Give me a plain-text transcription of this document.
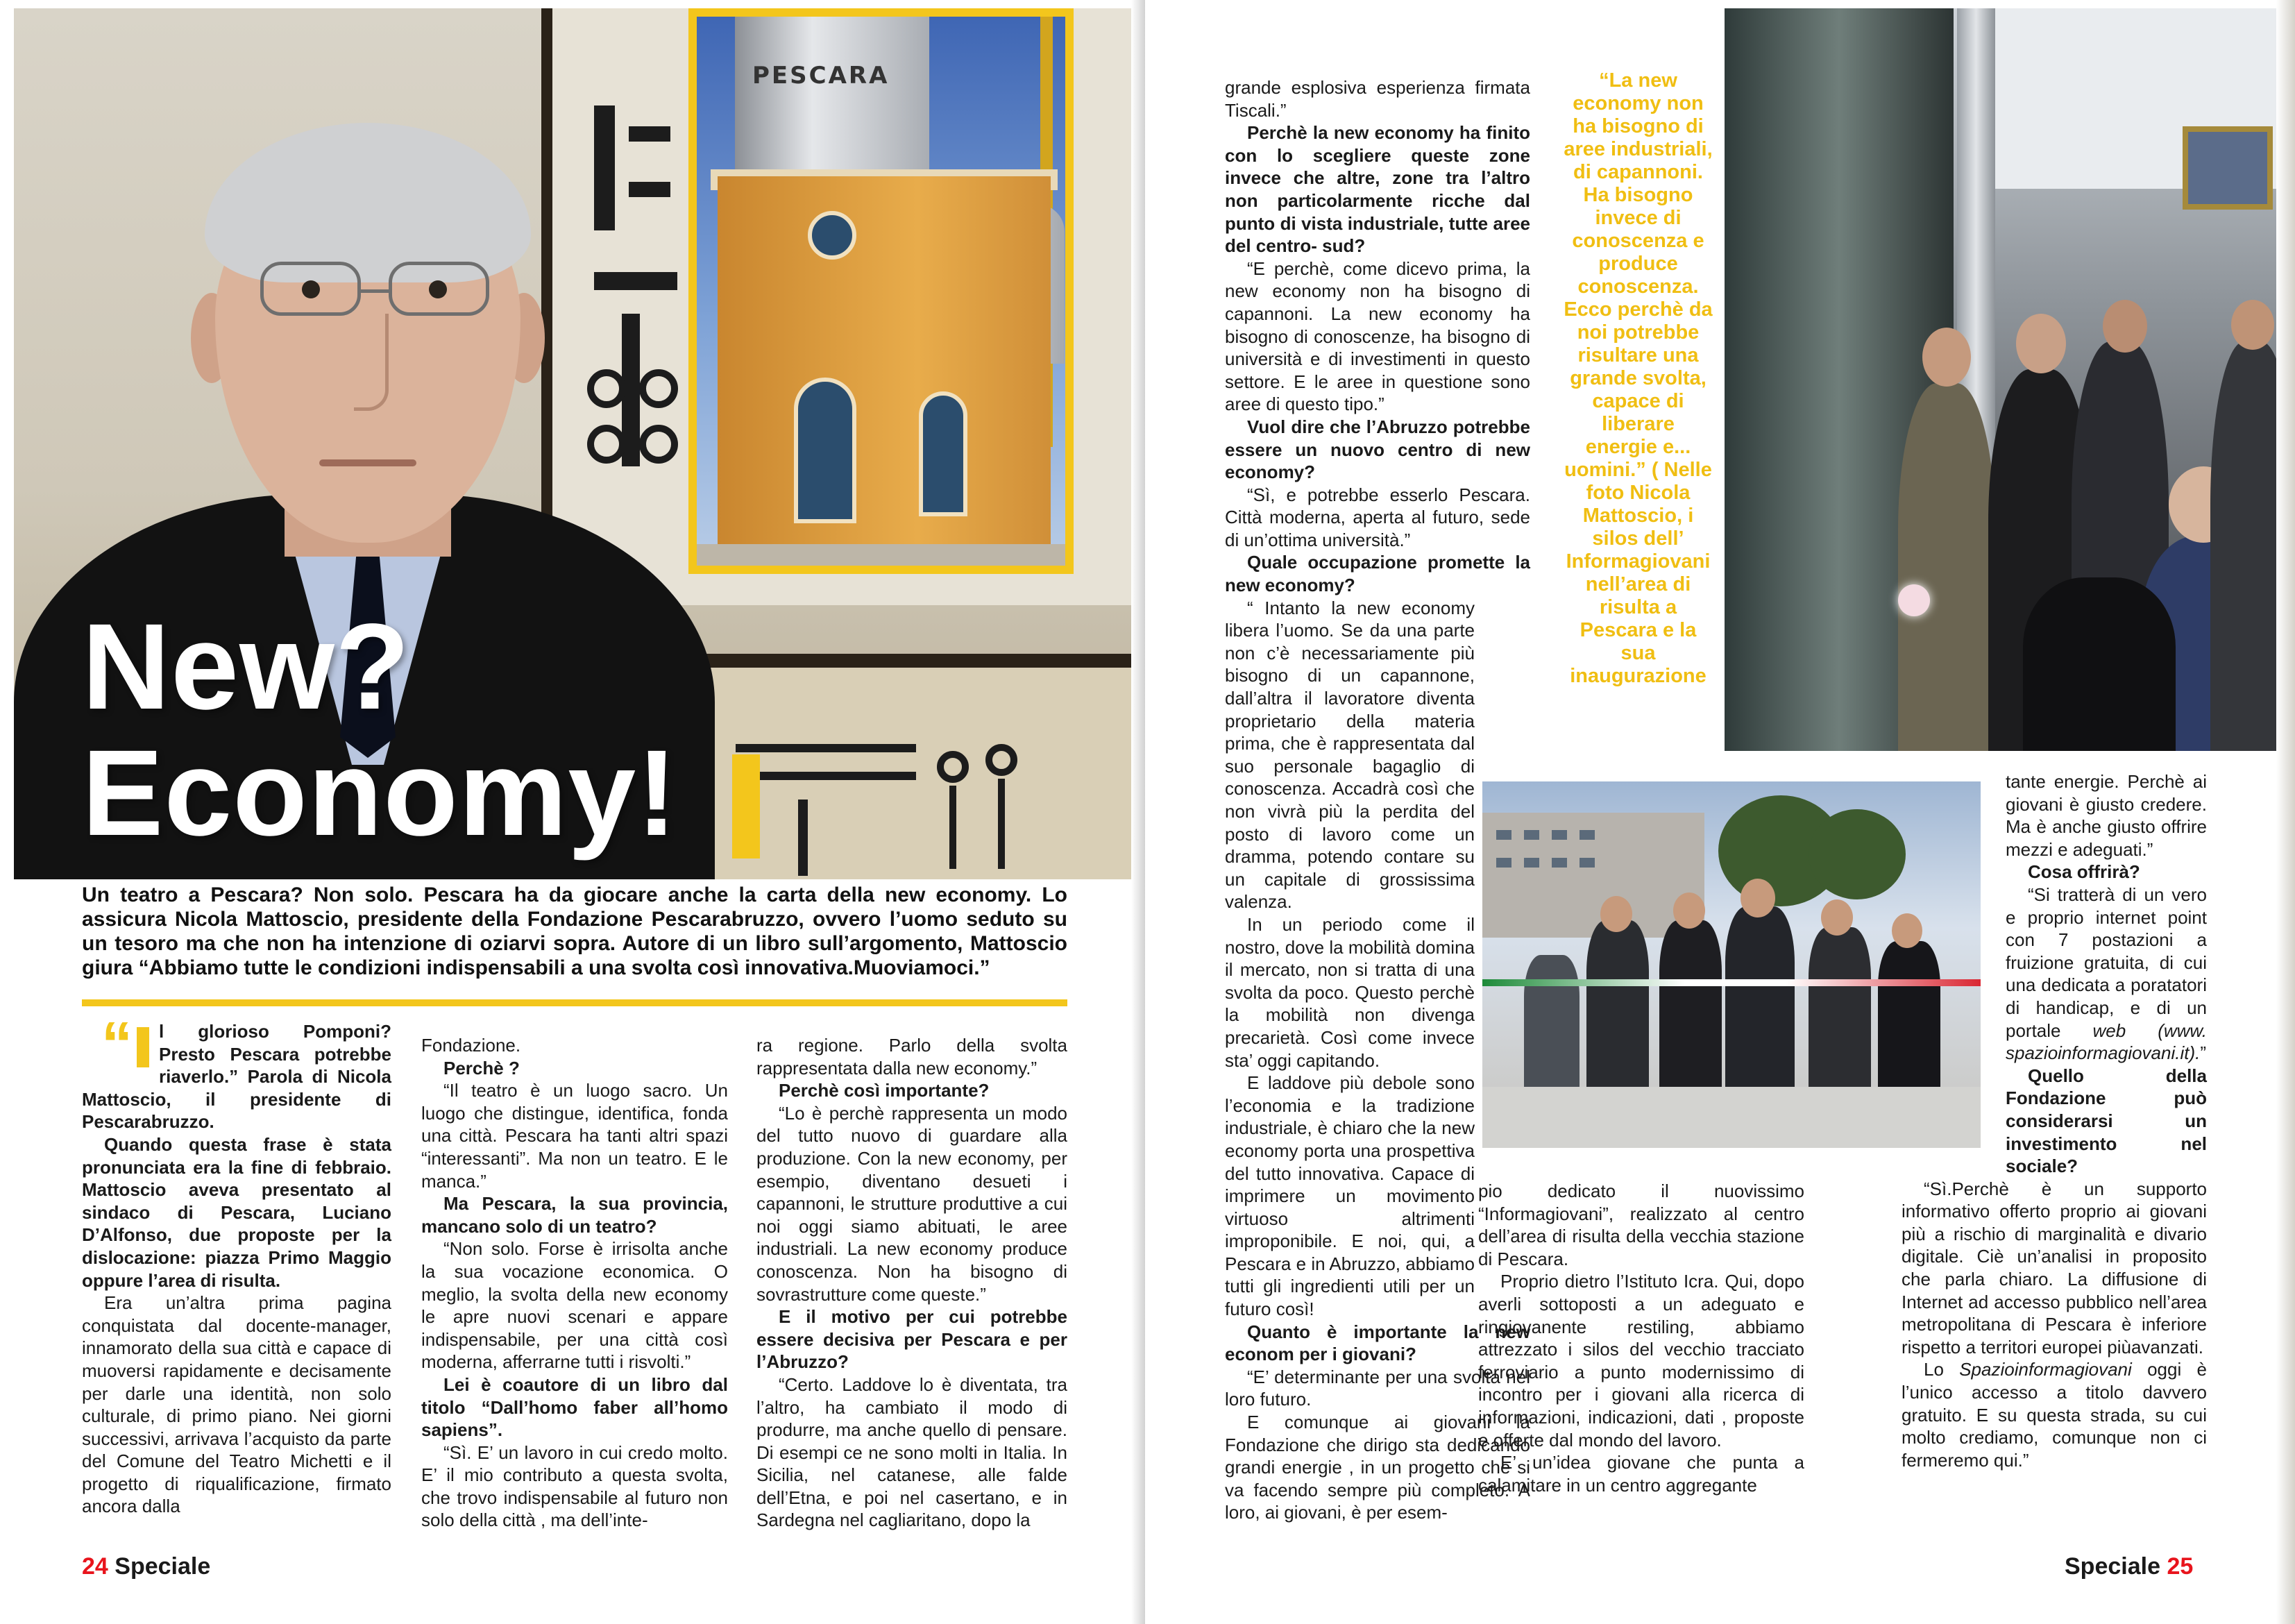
PESCARA
New?
Economy!

Un teatro a Pescara? Non solo. Pescara ha da giocare anche la carta della new economy. Lo assicura Nicola Mattoscio, presidente della Fondazione Pescarabruzzo, ovvero l’uomo seduto su un tesoro ma che non ha intenzione di oziarvi sopra. Autore di un libro sull’argomento, Mattoscio giura “Abbiamo tutte le condizioni indispensabili a una svolta così innovativa.Muoviamoci.”

“	l glorioso Pomponi? Presto Pescara potrebbe riaverlo.” Parola di Nicola Mattoscio, il presidente di Pescarabruzzo.

Quando questa frase è stata pronunciata era la fine di febbraio. Mattoscio aveva presentato al sindaco di Pescara, Luciano D’Alfonso, due proposte per la dislocazione: piazza Primo Maggio oppure l’area di risulta.

Era un’altra prima pagina conquistata dal docente-manager, innamorato della sua città e capace di muoversi rapidamente e decisamente per darle una identità, non solo culturale, di primo piano. Nei giorni successivi, arrivava l’acquisto da parte del Comune del Teatro Michetti e il progetto di riqualificazione, firmato ancora dalla

Fondazione.

Perchè ?

“Il teatro è un luogo sacro. Un luogo che distingue, identifica, fonda una città. Pescara ha tanti altri spazi “interessanti”. Ma non un teatro. E le manca.”

Ma Pescara, la sua provincia, mancano solo di un teatro?

“Non solo. Forse è irrisolta anche la sua vocazione economica. O meglio, la svolta della new economy le apre nuovi scenari e appare indispensabile, per una città così moderna, afferrarne tutti i risvolti.”

Lei è coautore di un libro dal titolo “Dall’homo faber all’homo sapiens”.

“Sì. E’ un lavoro in cui credo molto. E’ il mio contributo a questa svolta, che trovo indispensabile al futuro non solo della città , ma dell’inte-

ra regione. Parlo della svolta rappresentata dalla new economy.”

Perchè così importante?

“Lo è perchè rappresenta un modo del tutto nuovo di guardare alla produzione. Con la new economy, per esempio, diventano desueti i capannoni, le strutture produttive a cui noi oggi siamo abituati, le aree industriali. La new economy produce conoscenza. Non ha bisogno di sovrastrutture come queste.”

E il motivo per cui potrebbe essere decisiva per Pescara e per l’Abruzzo?

“Certo. Laddove lo è diventata, tra l’altro, ha cambiato il modo di produrre, ma anche quello di pensare. Di esempi ce ne sono molti in Italia. In Sicilia, nel catanese, alle falde dell’Etna, e poi nel casertano, e in Sardegna nel cagliaritano, dopo la

24 Speciale

grande esplosiva esperienza firmata Tiscali.”

Perchè la new economy ha finito con lo scegliere queste zone invece che altre, zone tra l’altro non particolarmente ricche dal punto di vista industriale, tutte aree del centro- sud?

“E perchè, come dicevo prima, la new economy non ha bisogno di capannoni. La new economy ha bisogno di conoscenze, ha bisogno di università e di investimenti in questo settore. E le aree in questione sono aree di questo tipo.”

Vuol dire che l’Abruzzo potrebbe essere un nuovo centro di new economy?

“Sì, e potrebbe esserlo Pescara. Città moderna, aperta al futuro, sede di un’ottima università.”

Quale occupazione promette la new economy?

“ Intanto la new economy libera l’uomo. Se da una parte non c’è necessariamente più bisogno di un capannone, dall’altra il lavoratore diventa proprietario della materia prima, che è rappresentata dal suo personale bagaglio di conoscenza. Accadrà così che non vivrà più la perdita del posto di lavoro come un dramma, potendo contare su un capitale di grossissima valenza.

In un periodo come il nostro, dove la mobilità domina il mercato, non si tratta di una svolta da poco. Questo perchè la mobilità non divenga precarietà. Così come invece sta’ oggi capitando.

E laddove più debole sono l’economia e la tradizione industriale, è chiaro che la new economy porta una prospettiva del tutto innovativa. Capace di imprimere un movimento virtuoso altrimenti improponibile. E noi, qui, a Pescara e in Abruzzo, abbiamo tutti gli ingredienti utili per un futuro così!

Quanto è importante la new econom per i giovani?

“E’ determinante per una svolta nel loro futuro.

E comunque ai giovani la Fondazione che dirigo sta dedicando grandi energie , in un progetto che si va facendo sempre più completo. A loro, ai giovani, è per esem-

“La new economy non ha bisogno di aree industriali, di capannoni. Ha bisogno invece di conoscenza e produce conoscenza. Ecco perchè da noi potrebbe risultare una grande svolta, capace di liberare energie e... uomini.” ( Nelle foto Nicola Mattoscio, i silos dell’ Informagiovani nell’area di risulta a Pescara e la sua inaugurazione

pio dedicato il nuovissimo “Informagiovani”, realizzato al centro dell’area di risulta della vecchia stazione di Pescara.

Proprio dietro l’Istituto Icra. Qui, dopo averli sottoposti a un adeguato e ringiovanente restiling, abbiamo attrezzato i silos del vecchio tracciato ferroviario a punto modernissimo di incontro per i giovani alla ricerca di informazioni, indicazioni, dati , proposte e offerte dal mondo del lavoro.

E’ un’idea giovane che punta a calamitare in un centro aggregante

tante energie. Perchè ai giovani è giusto credere. Ma è anche giusto offrire mezzi e adeguati.”

Cosa offrirà?

“Si tratterà di un vero e proprio internet point con 7 postazioni a fruizione gratuita, di cui una dedicata a poratatori di handicap, e di un portale web (www. spazioinformagiovani.it).”

Quello della Fondazione può considerarsi un investimento nel sociale?

“Sì.Perchè è un supporto informativo offerto proprio ai giovani più a rischio di marginalità e divario digitale. Ciè un’analisi in proposito che parla chiaro. La diffusione di Internet ad accesso pubblico nell’area metropolitana di Pescara è inferiore rispetto a territori europei piùavanzati.

Lo Spazioinformagiovani oggi è l’unico accesso a titolo davvero gratuito. E su questa strada, su cui molto crediamo, comunque non ci fermeremo qui.”

Speciale 25
